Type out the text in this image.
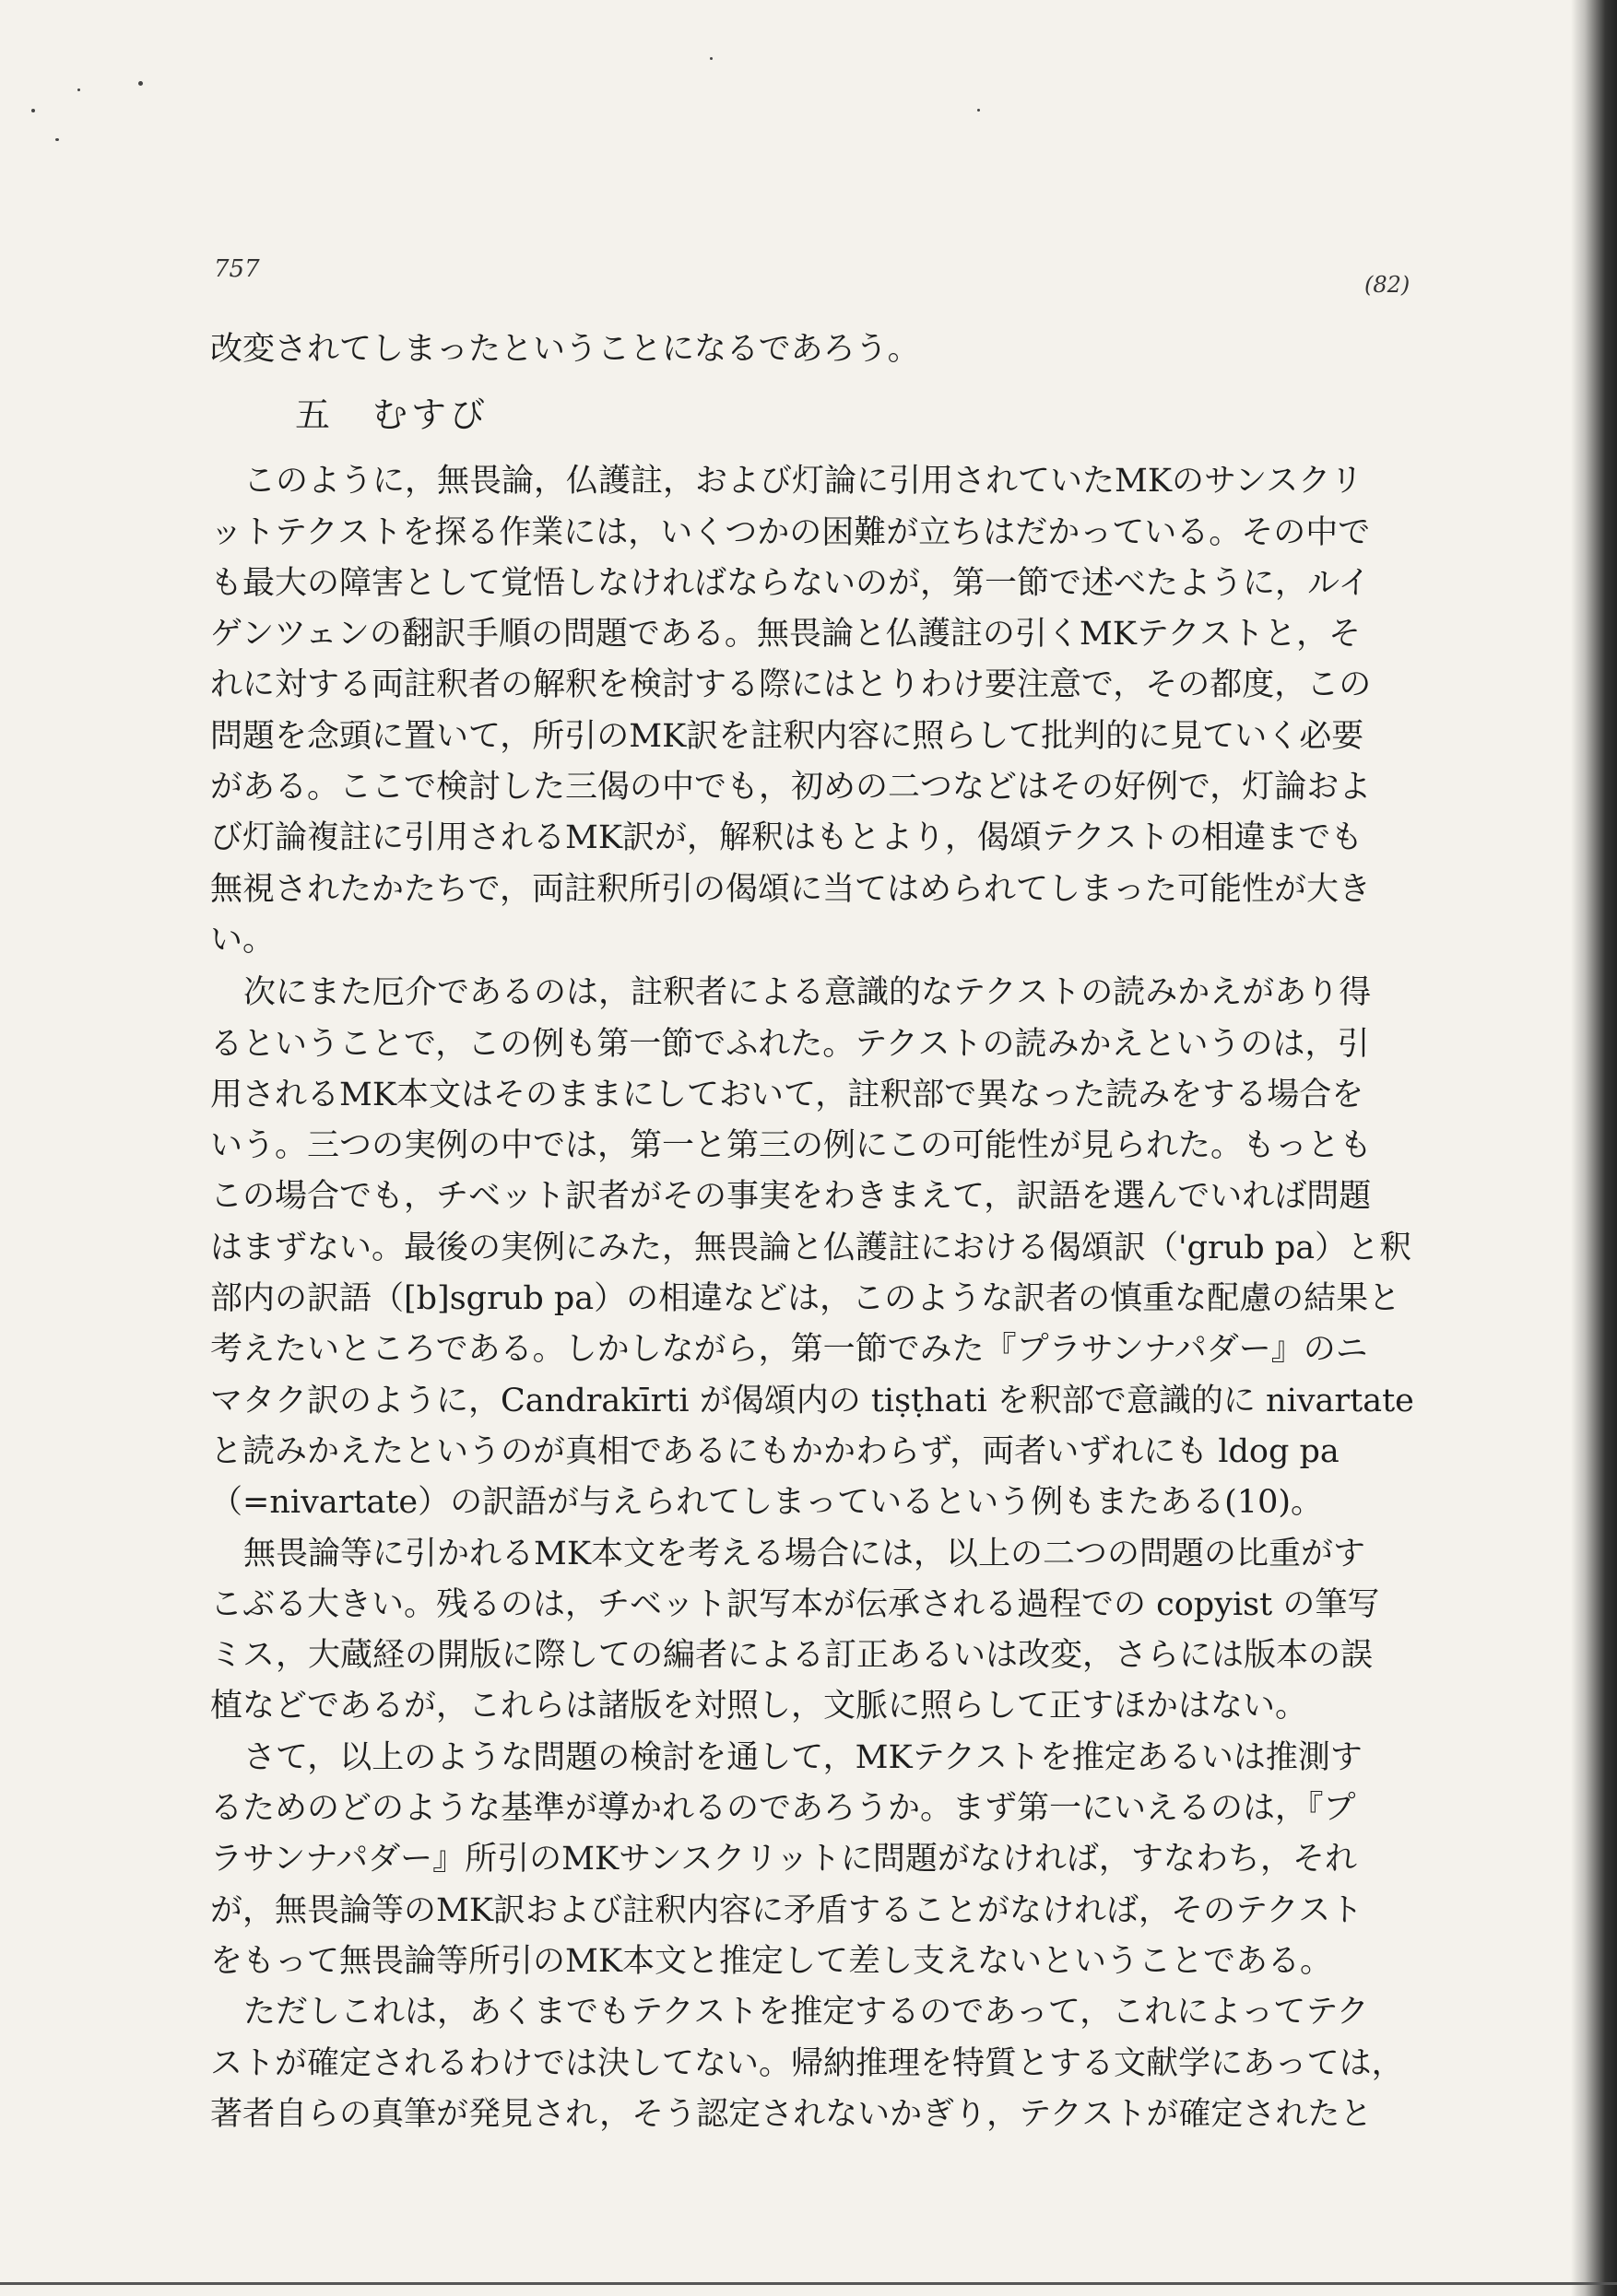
757
(82)
改変されてしまったということになるであろう。
五　むすび
このように，無畏論，仏護註，および灯論に引用されていたMKのサンスクリ
ットテクストを探る作業には，いくつかの困難が立ちはだかっている。その中で
も最大の障害として覚悟しなければならないのが，第一節で述べたように，ルイ
ゲンツェンの翻訳手順の問題である。無畏論と仏護註の引くMKテクストと，そ
れに対する両註釈者の解釈を検討する際にはとりわけ要注意で，その都度，この
問題を念頭に置いて，所引のMK訳を註釈内容に照らして批判的に見ていく必要
がある。ここで検討した三偈の中でも，初めの二つなどはその好例で，灯論およ
び灯論複註に引用されるMK訳が，解釈はもとより，偈頌テクストの相違までも
無視されたかたちで，両註釈所引の偈頌に当てはめられてしまった可能性が大き
い。
次にまた厄介であるのは，註釈者による意識的なテクストの読みかえがあり得
るということで，この例も第一節でふれた。テクストの読みかえというのは，引
用されるMK本文はそのままにしておいて，註釈部で異なった読みをする場合を
いう。三つの実例の中では，第一と第三の例にこの可能性が見られた。もっとも
この場合でも，チベット訳者がその事実をわきまえて，訳語を選んでいれば問題
はまずない。最後の実例にみた，無畏論と仏護註における偈頌訳（'grub pa）と釈
部内の訳語（[b]sgrub pa）の相違などは，このような訳者の慎重な配慮の結果と
考えたいところである。しかしながら，第一節でみた『プラサンナパダー』のニ
マタク訳のように，Candrakīrti が偈頌内の tiṣṭhati を釈部で意識的に nivartate
と読みかえたというのが真相であるにもかかわらず，両者いずれにも ldog pa
（=nivartate）の訳語が与えられてしまっているという例もまたある(10)。
無畏論等に引かれるMK本文を考える場合には，以上の二つの問題の比重がす
こぶる大きい。残るのは，チベット訳写本が伝承される過程での copyist の筆写
ミス，大蔵経の開版に際しての編者による訂正あるいは改変，さらには版本の誤
植などであるが，これらは諸版を対照し，文脈に照らして正すほかはない。
さて，以上のような問題の検討を通して，MKテクストを推定あるいは推測す
るためのどのような基準が導かれるのであろうか。まず第一にいえるのは，『プ
ラサンナパダー』所引のMKサンスクリットに問題がなければ，すなわち，それ
が，無畏論等のMK訳および註釈内容に矛盾することがなければ，そのテクスト
をもって無畏論等所引のMK本文と推定して差し支えないということである。
ただしこれは，あくまでもテクストを推定するのであって，これによってテク
ストが確定されるわけでは決してない。帰納推理を特質とする文献学にあっては，
著者自らの真筆が発見され，そう認定されないかぎり，テクストが確定されたと
